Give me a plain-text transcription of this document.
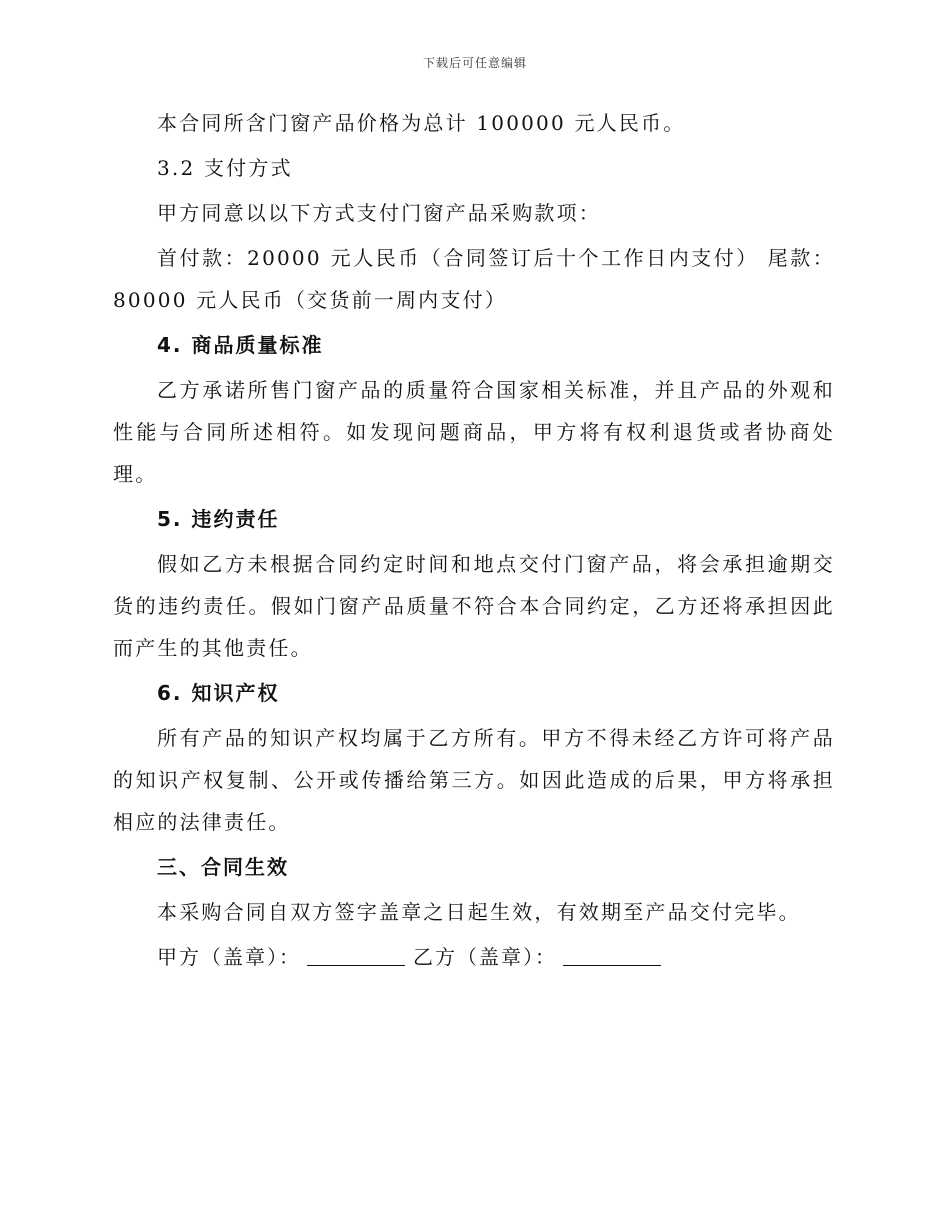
下载后可任意编辑

本合同所含门窗产品价格为总计 100000 元人民币。

3.2 支付方式

甲方同意以以下方式支付门窗产品采购款项：

首付款：20000 元人民币（合同签订后十个工作日内支付） 尾款：80000 元人民币（交货前一周内支付）

4. 商品质量标准

乙方承诺所售门窗产品的质量符合国家相关标准，并且产品的外观和性能与合同所述相符。如发现问题商品，甲方将有权利退货或者协商处理。

5. 违约责任

假如乙方未根据合同约定时间和地点交付门窗产品，将会承担逾期交货的违约责任。假如门窗产品质量不符合本合同约定，乙方还将承担因此而产生的其他责任。

6. 知识产权

所有产品的知识产权均属于乙方所有。甲方不得未经乙方许可将产品的知识产权复制、公开或传播给第三方。如因此造成的后果，甲方将承担相应的法律责任。

三、合同生效

本采购合同自双方签字盖章之日起生效，有效期至产品交付完毕。

甲方（盖章）：	乙方（盖章）：
